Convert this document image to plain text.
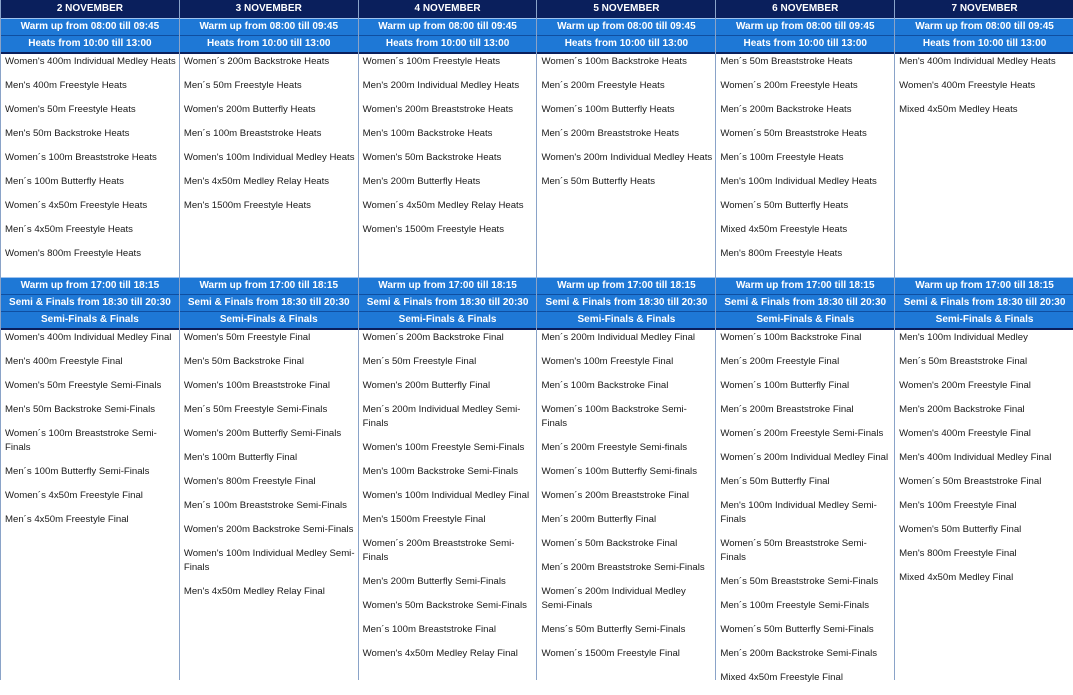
2 NOVEMBER
Warm up from 08:00 till 09:45
Heats from 10:00 till 13:00
Women's 400m Individual Medley Heats
Men's 400m Freestyle Heats
Women's 50m Freestyle Heats
Men's 50m Backstroke Heats
Women´s 100m Breaststroke Heats
Men´s 100m Butterfly Heats
Women´s 4x50m Freestyle Heats
Men´s 4x50m Freestyle Heats
Women's 800m Freestyle Heats
Warm up from 17:00 till 18:15
Semi & Finals from 18:30 till 20:30
Semi-Finals & Finals
Women's 400m Individual Medley Final
Men's 400m Freestyle Final
Women's 50m Freestyle Semi-Finals
Men's 50m Backstroke Semi-Finals
Women´s 100m Breaststroke Semi-Finals
Men´s 100m Butterfly Semi-Finals
Women´s 4x50m Freestyle Final
Men´s 4x50m Freestyle Final
3 NOVEMBER
Warm up from 08:00 till 09:45
Heats from 10:00 till 13:00
Women´s 200m Backstroke Heats
Men´s 50m Freestyle Heats
Women's 200m Butterfly Heats
Men´s 100m Breaststroke Heats
Women's 100m Individual Medley Heats
Men's 4x50m Medley Relay Heats
Men's 1500m Freestyle Heats
Warm up from 17:00 till 18:15
Semi & Finals from 18:30 till 20:30
Semi-Finals & Finals
Women's 50m Freestyle Final
Men's 50m Backstroke Final
Women's 100m Breaststroke Final
Men´s 50m Freestyle Semi-Finals
Women's 200m Butterfly Semi-Finals
Men's 100m Butterfly Final
Women's 800m Freestyle Final
Men´s 100m Breaststroke Semi-Finals
Women's 200m Backstroke Semi-Finals
Women's 100m Individual Medley Semi-Finals
Men's 4x50m Medley Relay Final
4 NOVEMBER
Warm up from 08:00 till 09:45
Heats from 10:00 till 13:00
Women´s 100m Freestyle Heats
Men's 200m Individual Medley Heats
Women's 200m Breaststroke Heats
Men's 100m Backstroke Heats
Women's 50m Backstroke Heats
Men's 200m Butterfly Heats
Women´s 4x50m Medley Relay Heats
Women's 1500m Freestyle Heats
Warm up from 17:00 till 18:15
Semi & Finals from 18:30 till 20:30
Semi-Finals & Finals
Women´s 200m Backstroke Final
Men´s 50m Freestyle Final
Women's 200m Butterfly Final
Men´s 200m Individual Medley Semi-Finals
Women's 100m Freestyle Semi-Finals
Men's 100m Backstroke Semi-Finals
Women's 100m Individual Medley Final
Men's 1500m Freestyle Final
Women´s 200m Breaststroke Semi-Finals
Men's 200m Butterfly Semi-Finals
Women's 50m Backstroke Semi-Finals
Men´s 100m Breaststroke Final
Women's 4x50m Medley Relay Final
5 NOVEMBER
Warm up from 08:00 till 09:45
Heats from 10:00 till 13:00
Women´s 100m Backstroke Heats
Men´s 200m Freestyle Heats
Women´s 100m Butterfly Heats
Men´s 200m Breaststroke Heats
Women's 200m Individual Medley Heats
Men´s 50m Butterfly Heats
Warm up from 17:00 till 18:15
Semi & Finals from 18:30 till 20:30
Semi-Finals & Finals
Men´s 200m Individual Medley Final
Women's 100m Freestyle Final
Men´s 100m Backstroke Final
Women´s 100m Backstroke Semi-Finals
Men´s 200m Freestyle Semi-finals
Women´s 100m Butterfly Semi-finals
Women´s 200m Breaststroke Final
Men´s 200m Butterfly Final
Women´s 50m Backstroke Final
Men´s 200m Breaststroke Semi-Finals
Women´s 200m Individual Medley Semi-Finals
Mens´s 50m Butterfly Semi-Finals
Women´s 1500m Freestyle Final
6 NOVEMBER
Warm up from 08:00 till 09:45
Heats from 10:00 till 13:00
Men´s 50m Breaststroke Heats
Women´s 200m Freestyle Heats
Men´s 200m Backstroke Heats
Women´s 50m Breaststroke Heats
Men´s 100m Freestyle Heats
Men's 100m Individual Medley Heats
Women´s 50m Butterfly Heats
Mixed 4x50m Freestyle Heats
Men's 800m Freestyle Heats
Warm up from 17:00 till 18:15
Semi & Finals from 18:30 till 20:30
Semi-Finals & Finals
Women´s 100m Backstroke Final
Men´s 200m Freestyle Final
Women´s 100m Butterfly Final
Men´s 200m Breaststroke Final
Women´s 200m Freestyle Semi-Finals
Women´s 200m Individual Medley Final
Men´s 50m Butterfly Final
Men's 100m Individual Medley Semi-Finals
Women´s 50m Breaststroke Semi-Finals
Men´s 50m Breaststroke Semi-Finals
Men´s 100m Freestyle Semi-Finals
Women´s 50m Butterfly Semi-Finals
Men´s 200m Backstroke Semi-Finals
Mixed 4x50m Freestyle Final
7 NOVEMBER
Warm up from 08:00 till 09:45
Heats from 10:00 till 13:00
Men's 400m Individual Medley Heats
Women's 400m Freestyle Heats
Mixed 4x50m Medley Heats
Warm up from 17:00 till 18:15
Semi & Finals from 18:30 till 20:30
Semi-Finals & Finals
Men's 100m Individual Medley
Men´s 50m Breaststroke Final
Women's 200m Freestyle Final
Men's 200m Backstroke Final
Women's 400m Freestyle Final
Men's 400m Individual Medley Final
Women´s 50m Breaststroke Final
Men's 100m Freestyle Final
Women's 50m Butterfly Final
Men's 800m Freestyle Final
Mixed 4x50m Medley Final
